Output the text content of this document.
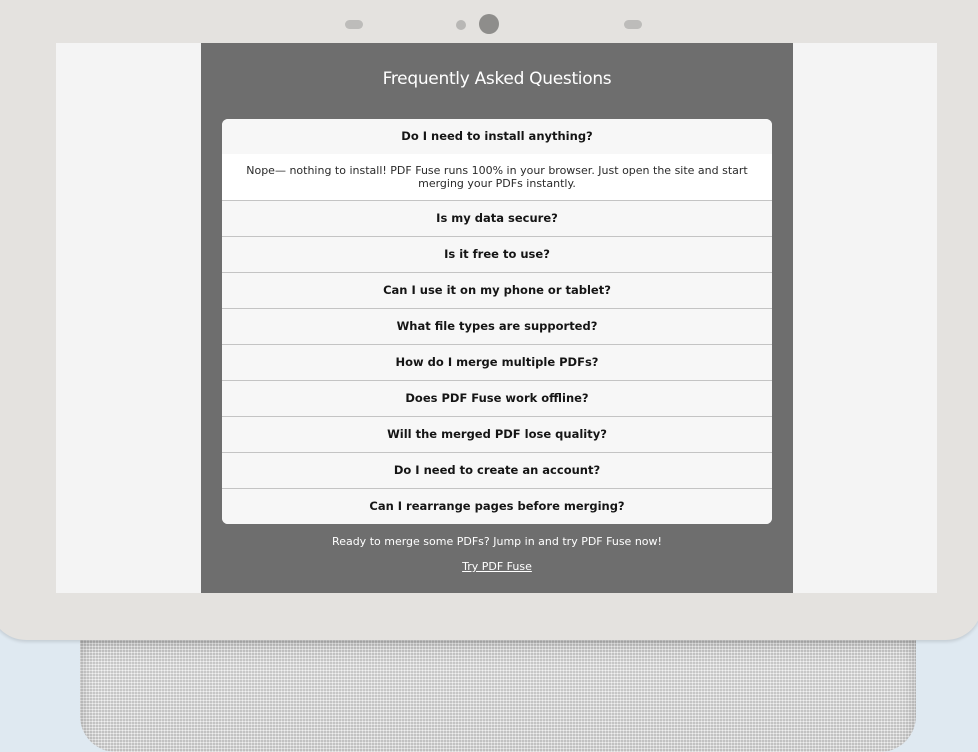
Frequently Asked Questions
Do I need to install anything?
Nope— nothing to install! PDF Fuse runs 100% in your browser. Just open the site and start merging your PDFs instantly.
Is my data secure?
Is it free to use?
Can I use it on my phone or tablet?
What file types are supported?
How do I merge multiple PDFs?
Does PDF Fuse work offline?
Will the merged PDF lose quality?
Do I need to create an account?
Can I rearrange pages before merging?
Ready to merge some PDFs? Jump in and try PDF Fuse now!
Try PDF Fuse
